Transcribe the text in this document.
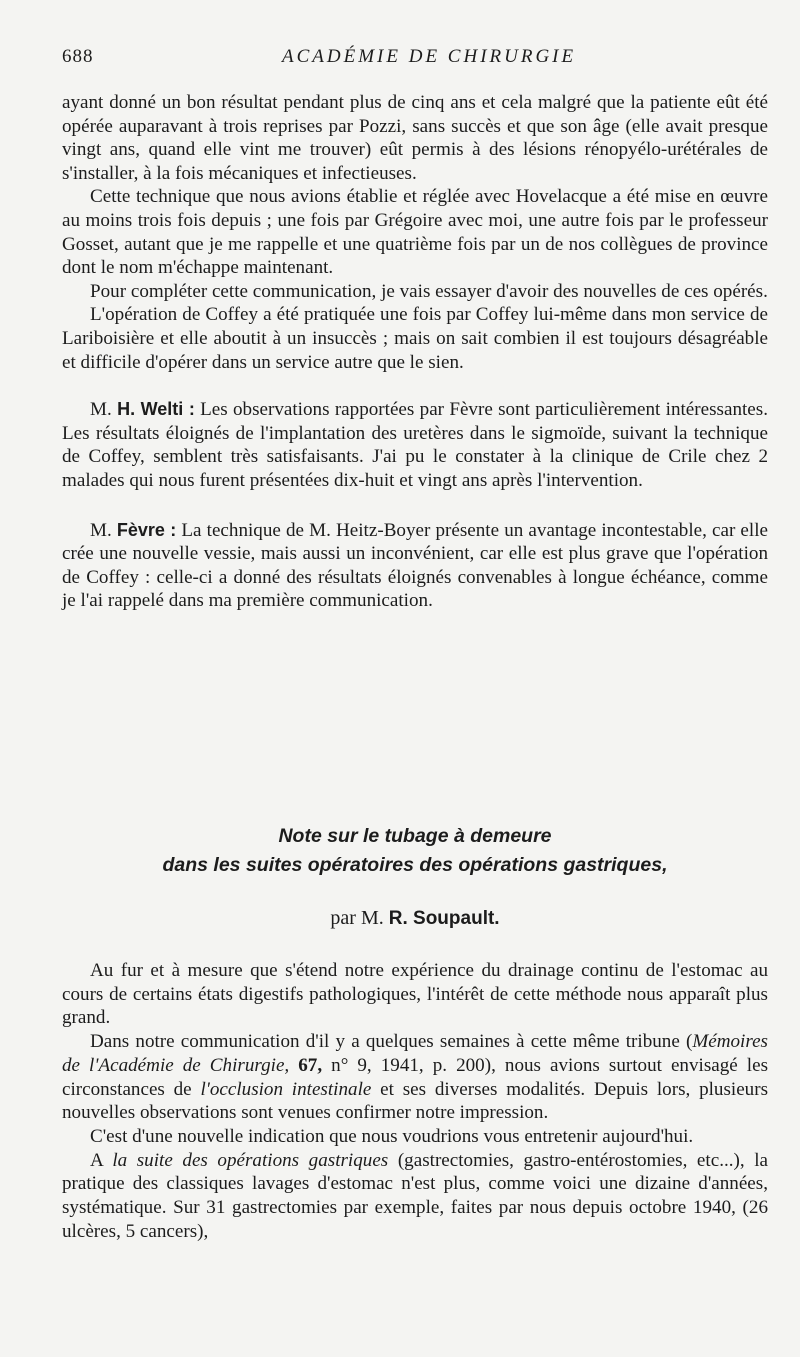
688	ACADÉMIE DE CHIRURGIE

ayant donné un bon résultat pendant plus de cinq ans et cela malgré que la patiente eût été opérée auparavant à trois reprises par Pozzi, sans succès et que son âge (elle avait presque vingt ans, quand elle vint me trouver) eût permis à des lésions rénopyélo-urétérales de s'installer, à la fois mécaniques et infectieuses.

Cette technique que nous avions établie et réglée avec Hovelacque a été mise en œuvre au moins trois fois depuis ; une fois par Grégoire avec moi, une autre fois par le professeur Gosset, autant que je me rappelle et une quatrième fois par un de nos collègues de province dont le nom m'échappe maintenant.

Pour compléter cette communication, je vais essayer d'avoir des nouvelles de ces opérés.

L'opération de Coffey a été pratiquée une fois par Coffey lui-même dans mon service de Lariboisière et elle aboutit à un insuccès ; mais on sait combien il est toujours désagréable et difficile d'opérer dans un service autre que le sien.

M. H. Welti : Les observations rapportées par Fèvre sont particulièrement intéressantes. Les résultats éloignés de l'implantation des uretères dans le sigmoïde, suivant la technique de Coffey, semblent très satisfaisants. J'ai pu le constater à la clinique de Crile chez 2 malades qui nous furent présentées dix-huit et vingt ans après l'intervention.

M. Fèvre : La technique de M. Heitz-Boyer présente un avantage incontestable, car elle crée une nouvelle vessie, mais aussi un inconvénient, car elle est plus grave que l'opération de Coffey : celle-ci a donné des résultats éloignés convenables à longue échéance, comme je l'ai rappelé dans ma première communication.

Note sur le tubage à demeure

dans les suites opératoires des opérations gastriques,

par M. R. Soupault.

Au fur et à mesure que s'étend notre expérience du drainage continu de l'estomac au cours de certains états digestifs pathologiques, l'intérêt de cette méthode nous apparaît plus grand.

Dans notre communication d'il y a quelques semaines à cette même tribune (Mémoires de l'Académie de Chirurgie, 67, n° 9, 1941, p. 200), nous avions surtout envisagé les circonstances de l'occlusion intestinale et ses diverses modalités. Depuis lors, plusieurs nouvelles observations sont venues confirmer notre impression.

C'est d'une nouvelle indication que nous voudrions vous entretenir aujourd'hui.

A la suite des opérations gastriques (gastrectomies, gastro-entérostomies, etc...), la pratique des classiques lavages d'estomac n'est plus, comme voici une dizaine d'années, systématique. Sur 31 gastrectomies par exemple, faites par nous depuis octobre 1940, (26 ulcères, 5 cancers),
